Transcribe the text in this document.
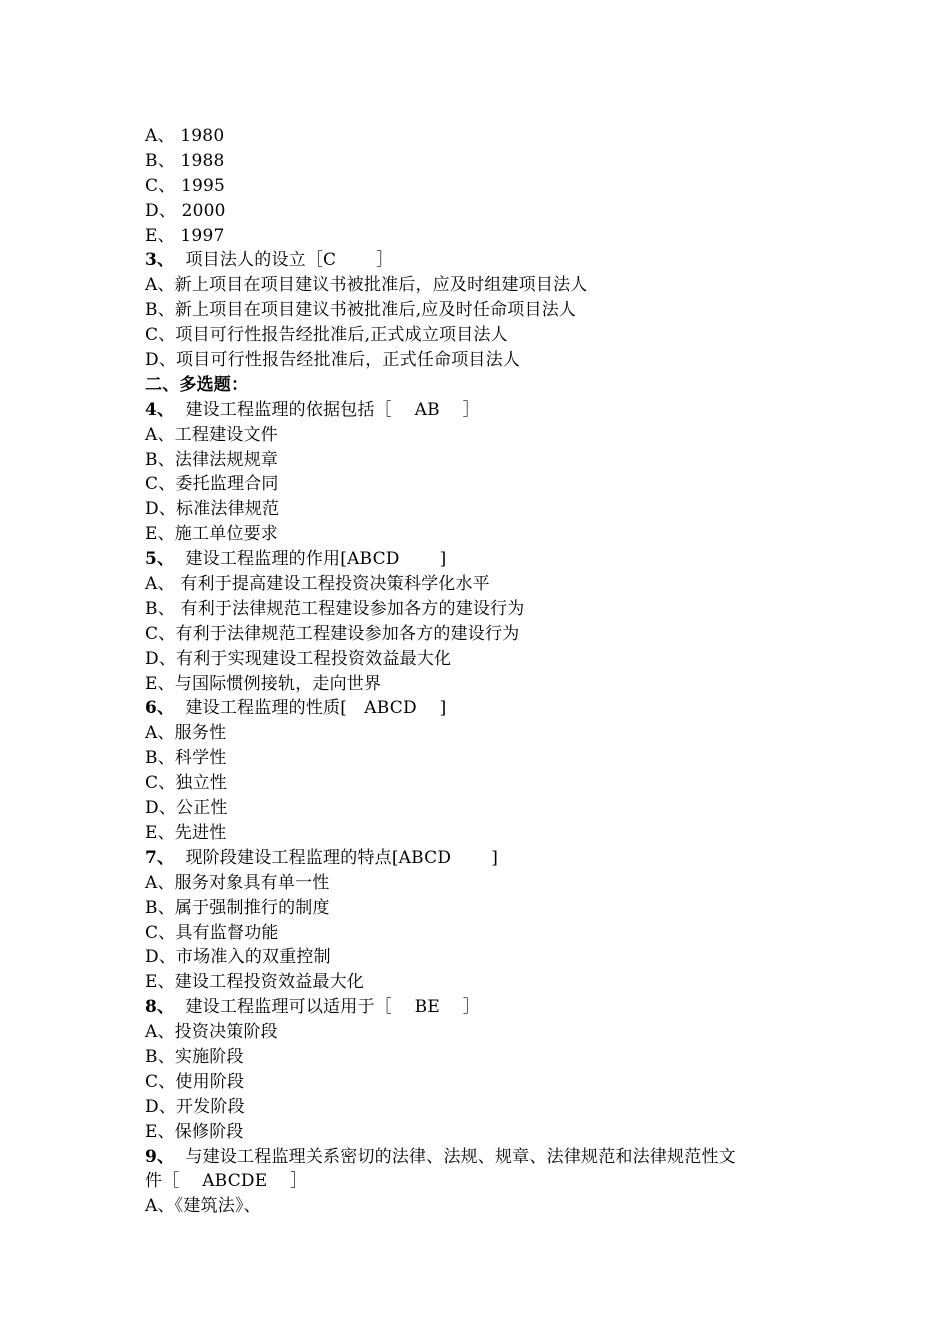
A、 1980
B、 1988
C、 1995
D、 2000
E、 1997
3、 项目法人的设立［C　　 ］
A、新上项目在项目建议书被批准后，应及时组建项目法人
B、新上项目在项目建议书被批准后,应及时任命项目法人
C、项目可行性报告经批准后,正式成立项目法人
D、项目可行性报告经批准后，正式任命项目法人
二、多选题：
4、 建设工程监理的依据包括［　 AB　 ］
A、工程建设文件
B、法律法规规章
C、委托监理合同
D、标准法律规范
E、施工单位要求
5、 建设工程监理的作用[ABCD　　 ]
A、 有利于提高建设工程投资决策科学化水平
B、 有利于法律规范工程建设参加各方的建设行为
C、有利于法律规范工程建设参加各方的建设行为
D、有利于实现建设工程投资效益最大化
E、与国际惯例接轨，走向世界
6、 建设工程监理的性质[　ABCD　 ]
A、服务性
B、科学性
C、独立性
D、公正性
E、先进性
7、 现阶段建设工程监理的特点[ABCD　　 ]
A、服务对象具有单一性
B、属于强制推行的制度
C、具有监督功能
D、市场准入的双重控制
E、建设工程投资效益最大化
8、 建设工程监理可以适用于［　 BE　 ］
A、投资决策阶段
B、实施阶段
C、使用阶段
D、开发阶段
E、保修阶段
9、 与建设工程监理关系密切的法律、法规、规章、法律规范和法律规范性文
件［　 ABCDE　 ］
A、《建筑法》、
